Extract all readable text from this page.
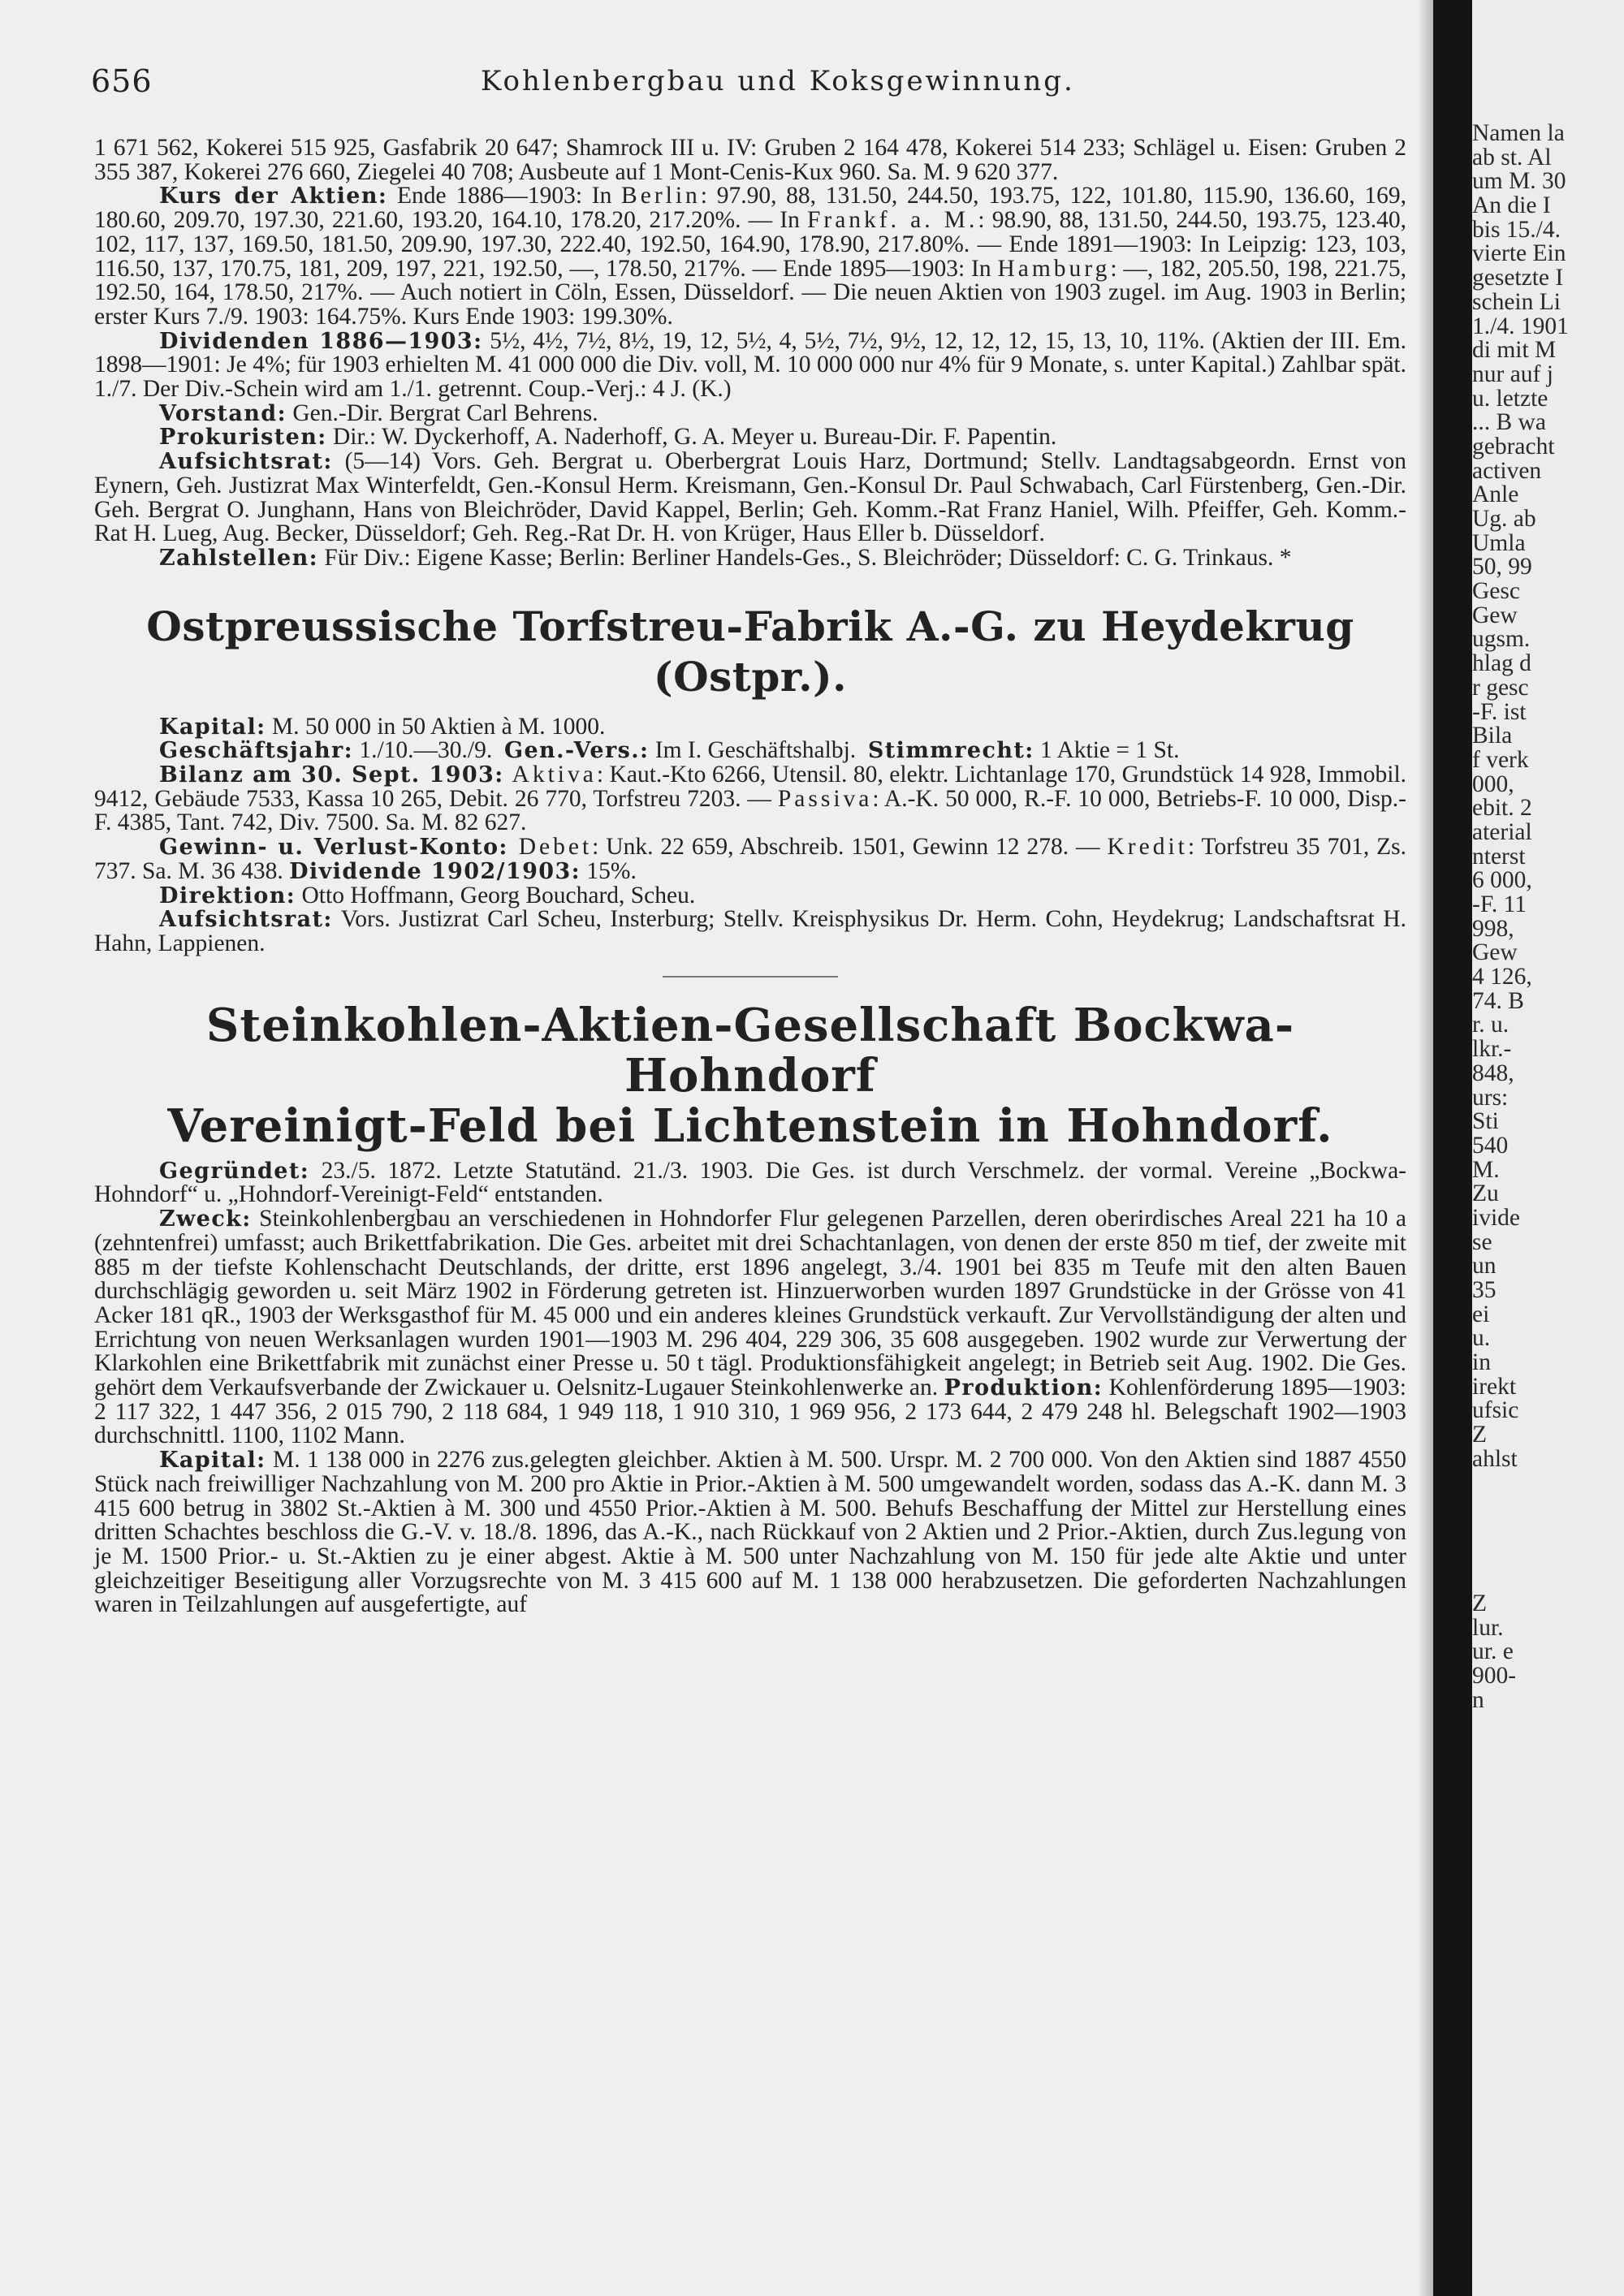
656	Kohlenbergbau und Koksgewinnung.

1 671 562, Kokerei 515 925, Gasfabrik 20 647; Shamrock III u. IV: Gruben 2 164 478, Kokerei 514 233; Schlägel u. Eisen: Gruben 2 355 387, Kokerei 276 660, Ziegelei 40 708; Ausbeute auf 1 Mont-Cenis-Kux 960. Sa. M. 9 620 377.

Kurs der Aktien: Ende 1886—1903: In Berlin: 97.90, 88, 131.50, 244.50, 193.75, 122, 101.80, 115.90, 136.60, 169, 180.60, 209.70, 197.30, 221.60, 193.20, 164.10, 178.20, 217.20%. — In Frankf. a. M.: 98.90, 88, 131.50, 244.50, 193.75, 123.40, 102, 117, 137, 169.50, 181.50, 209.90, 197.30, 222.40, 192.50, 164.90, 178.90, 217.80%. — Ende 1891—1903: In Leipzig: 123, 103, 116.50, 137, 170.75, 181, 209, 197, 221, 192.50, —, 178.50, 217%. — Ende 1895—1903: In Hamburg: —, 182, 205.50, 198, 221.75, 192.50, 164, 178.50, 217%. — Auch notiert in Cöln, Essen, Düsseldorf. — Die neuen Aktien von 1903 zugel. im Aug. 1903 in Berlin; erster Kurs 7./9. 1903: 164.75%. Kurs Ende 1903: 199.30%.

Dividenden 1886—1903: 5½, 4½, 7½, 8½, 19, 12, 5½, 4, 5½, 7½, 9½, 12, 12, 12, 15, 13, 10, 11%. (Aktien der III. Em. 1898—1901: Je 4%; für 1903 erhielten M. 41 000 000 die Div. voll, M. 10 000 000 nur 4% für 9 Monate, s. unter Kapital.) Zahlbar spät. 1./7. Der Div.-Schein wird am 1./1. getrennt. Coup.-Verj.: 4 J. (K.)

Vorstand: Gen.-Dir. Bergrat Carl Behrens.

Prokuristen: Dir.: W. Dyckerhoff, A. Naderhoff, G. A. Meyer u. Bureau-Dir. F. Papentin.

Aufsichtsrat: (5—14) Vors. Geh. Bergrat u. Oberbergrat Louis Harz, Dortmund; Stellv. Landtagsabgeordn. Ernst von Eynern, Geh. Justizrat Max Winterfeldt, Gen.-Konsul Herm. Kreismann, Gen.-Konsul Dr. Paul Schwabach, Carl Fürstenberg, Gen.-Dir. Geh. Bergrat O. Junghann, Hans von Bleichröder, David Kappel, Berlin; Geh. Komm.-Rat Franz Haniel, Wilh. Pfeiffer, Geh. Komm.-Rat H. Lueg, Aug. Becker, Düsseldorf; Geh. Reg.-Rat Dr. H. von Krüger, Haus Eller b. Düsseldorf.

Zahlstellen: Für Div.: Eigene Kasse; Berlin: Berliner Handels-Ges., S. Bleichröder; Düsseldorf: C. G. Trinkaus. *

Ostpreussische Torfstreu-Fabrik A.-G. zu Heydekrug (Ostpr.).

Kapital: M. 50 000 in 50 Aktien à M. 1000.

Geschäftsjahr: 1./10.—30./9. Gen.-Vers.: Im I. Geschäftshalbj. Stimmrecht: 1 Aktie = 1 St.

Bilanz am 30. Sept. 1903: Aktiva: Kaut.-Kto 6266, Utensil. 80, elektr. Lichtanlage 170, Grundstück 14 928, Immobil. 9412, Gebäude 7533, Kassa 10 265, Debit. 26 770, Torfstreu 7203. — Passiva: A.-K. 50 000, R.-F. 10 000, Betriebs-F. 10 000, Disp.-F. 4385, Tant. 742, Div. 7500. Sa. M. 82 627.

Gewinn- u. Verlust-Konto: Debet: Unk. 22 659, Abschreib. 1501, Gewinn 12 278. — Kredit: Torfstreu 35 701, Zs. 737. Sa. M. 36 438. Dividende 1902/1903: 15%.

Direktion: Otto Hoffmann, Georg Bouchard, Scheu.

Aufsichtsrat: Vors. Justizrat Carl Scheu, Insterburg; Stellv. Kreisphysikus Dr. Herm. Cohn, Heydekrug; Landschaftsrat H. Hahn, Lappienen.

Steinkohlen-Aktien-Gesellschaft Bockwa-Hohndorf
Vereinigt-Feld bei Lichtenstein in Hohndorf.

Gegründet: 23./5. 1872. Letzte Statutänd. 21./3. 1903. Die Ges. ist durch Verschmelz. der vormal. Vereine „Bockwa-Hohndorf“ u. „Hohndorf-Vereinigt-Feld“ entstanden.

Zweck: Steinkohlenbergbau an verschiedenen in Hohndorfer Flur gelegenen Parzellen, deren oberirdisches Areal 221 ha 10 a (zehntenfrei) umfasst; auch Brikettfabrikation. Die Ges. arbeitet mit drei Schachtanlagen, von denen der erste 850 m tief, der zweite mit 885 m der tiefste Kohlenschacht Deutschlands, der dritte, erst 1896 angelegt, 3./4. 1901 bei 835 m Teufe mit den alten Bauen durchschlägig geworden u. seit März 1902 in Förderung getreten ist. Hinzuerworben wurden 1897 Grundstücke in der Grösse von 41 Acker 181 qR., 1903 der Werksgasthof für M. 45 000 und ein anderes kleines Grundstück verkauft. Zur Vervollständigung der alten und Errichtung von neuen Werksanlagen wurden 1901—1903 M. 296 404, 229 306, 35 608 ausgegeben. 1902 wurde zur Verwertung der Klarkohlen eine Brikettfabrik mit zunächst einer Presse u. 50 t tägl. Produktionsfähigkeit angelegt; in Betrieb seit Aug. 1902. Die Ges. gehört dem Verkaufsverbande der Zwickauer u. Oelsnitz-Lugauer Steinkohlenwerke an. Produktion: Kohlenförderung 1895—1903: 2 117 322, 1 447 356, 2 015 790, 2 118 684, 1 949 118, 1 910 310, 1 969 956, 2 173 644, 2 479 248 hl. Belegschaft 1902—1903 durchschnittl. 1100, 1102 Mann.

Kapital: M. 1 138 000 in 2276 zus.gelegten gleichber. Aktien à M. 500. Urspr. M. 2 700 000. Von den Aktien sind 1887 4550 Stück nach freiwilliger Nachzahlung von M. 200 pro Aktie in Prior.-Aktien à M. 500 umgewandelt worden, sodass das A.-K. dann M. 3 415 600 betrug in 3802 St.-Aktien à M. 300 und 4550 Prior.-Aktien à M. 500. Behufs Beschaffung der Mittel zur Herstellung eines dritten Schachtes beschloss die G.-V. v. 18./8. 1896, das A.-K., nach Rückkauf von 2 Aktien und 2 Prior.-Aktien, durch Zus.legung von je M. 1500 Prior.- u. St.-Aktien zu je einer abgest. Aktie à M. 500 unter Nachzahlung von M. 150 für jede alte Aktie und unter gleichzeitiger Beseitigung aller Vorzugsrechte von M. 3 415 600 auf M. 1 138 000 herabzusetzen. Die geforderten Nachzahlungen waren in Teilzahlungen auf ausgefertigte, auf

Namen la
ab st. Al
um M. 30
An die I
bis 15./4.
vierte Ein
gesetzte I
schein Li
1./4. 1901
di mit M
nur auf j
u. letzte
... B wa
gebracht
activen
Anle
Ug. ab
Umla
50, 99
Gesc
Gew
ugsm.
hlag d
r gesc
-F. ist
Bila
f verk
000,
ebit. 2
aterial
nterst
6 000,
-F. 11
998,
Gew
4 126,
74. B
r. u.
lkr.-
848,
urs:
Sti
540
M.
Zu
ivide
se
un
35
ei
u.
in
irekt
ufsic
Z
ahlst
Z
lur.
ur. e
900-
n
